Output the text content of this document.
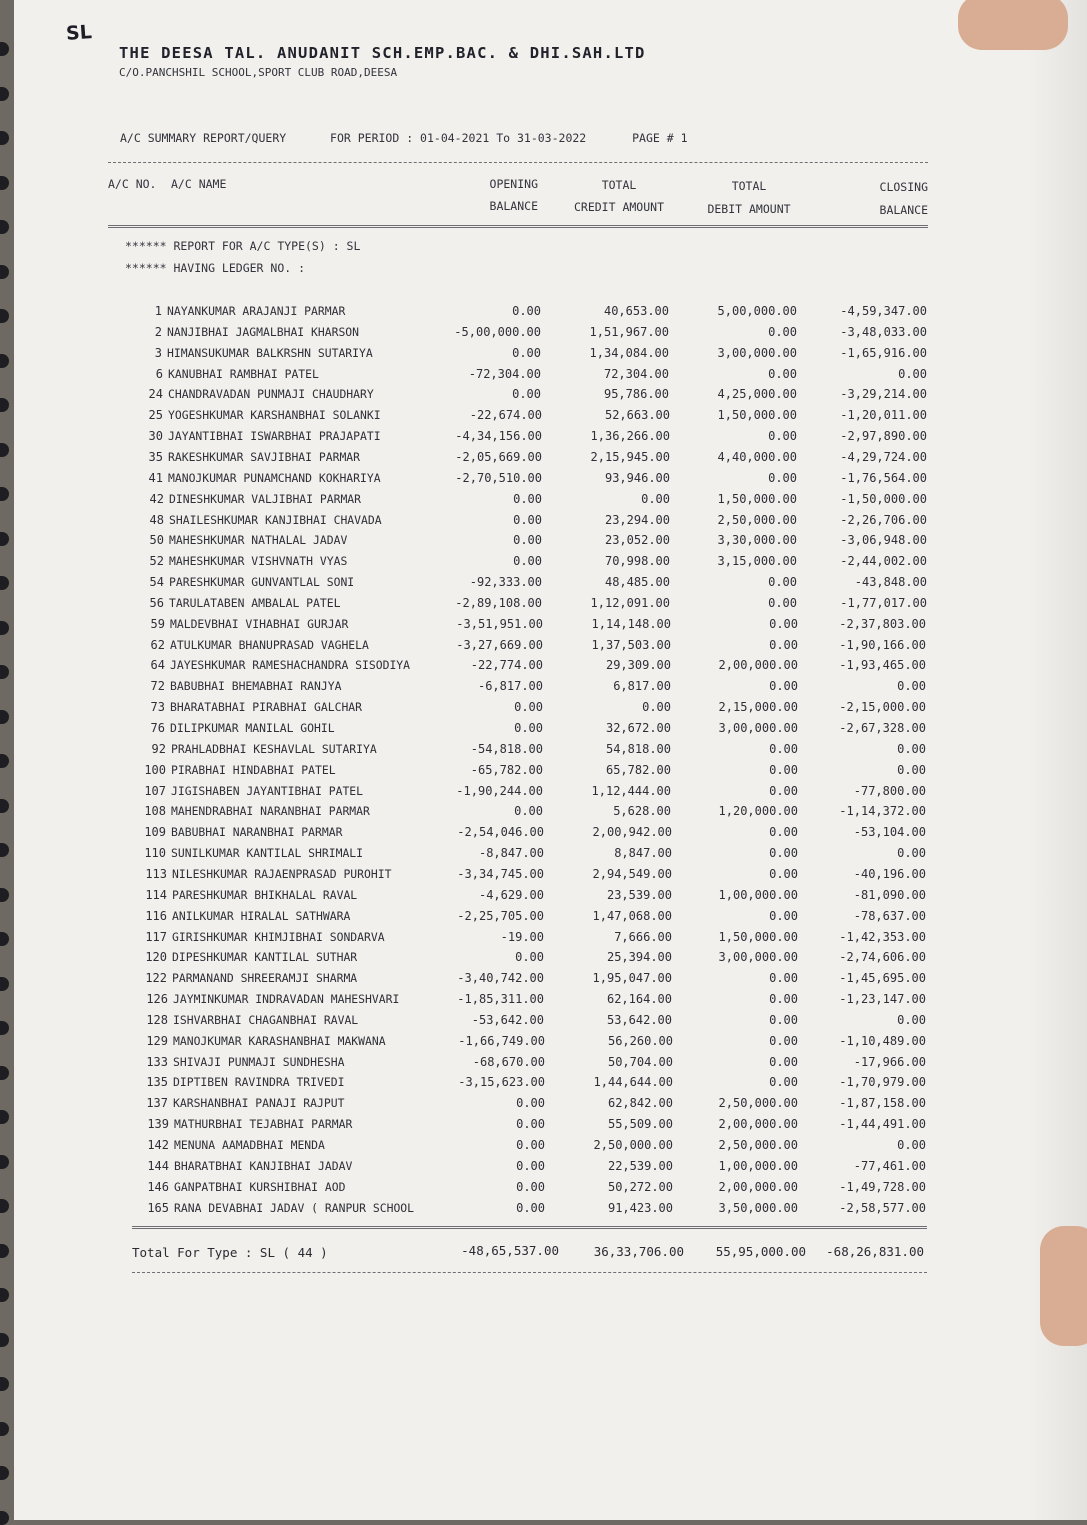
SL
THE DEESA TAL. ANUDANIT SCH.EMP.BAC. & DHI.SAH.LTD
C/O.PANCHSHIL SCHOOL,SPORT CLUB ROAD,DEESA
A/C SUMMARY REPORT/QUERY	FOR PERIOD : 01-04-2021 To 31-03-2022	PAGE # 1
A/C NO. A/C NAME	OPENING
BALANCE
TOTAL
CREDIT AMOUNT
TOTAL
DEBIT AMOUNT
CLOSING
BALANCE
****** REPORT FOR A/C TYPE(S) : SL
****** HAVING LEDGER NO. :
1 NAYANKUMAR ARAJANJI PARMAR	0.00	40,653.00	5,00,000.00	-4,59,347.00
2 NANJIBHAI JAGMALBHAI KHARSON	-5,00,000.00	1,51,967.00	0.00	-3,48,033.00
3 HIMANSUKUMAR BALKRSHN SUTARIYA	0.00	1,34,084.00	3,00,000.00	-1,65,916.00
6 KANUBHAI RAMBHAI PATEL	-72,304.00	72,304.00	0.00	0.00
24 CHANDRAVADAN PUNMAJI CHAUDHARY	0.00	95,786.00	4,25,000.00	-3,29,214.00
25 YOGESHKUMAR KARSHANBHAI SOLANKI	-22,674.00	52,663.00	1,50,000.00	-1,20,011.00
30 JAYANTIBHAI ISWARBHAI PRAJAPATI	-4,34,156.00	1,36,266.00	0.00	-2,97,890.00
35 RAKESHKUMAR SAVJIBHAI PARMAR	-2,05,669.00	2,15,945.00	4,40,000.00	-4,29,724.00
41 MANOJKUMAR PUNAMCHAND KOKHARIYA	-2,70,510.00	93,946.00	0.00	-1,76,564.00
42 DINESHKUMAR VALJIBHAI PARMAR	0.00	0.00	1,50,000.00	-1,50,000.00
48 SHAILESHKUMAR KANJIBHAI CHAVADA	0.00	23,294.00	2,50,000.00	-2,26,706.00
50 MAHESHKUMAR NATHALAL JADAV	0.00	23,052.00	3,30,000.00	-3,06,948.00
52 MAHESHKUMAR VISHVNATH VYAS	0.00	70,998.00	3,15,000.00	-2,44,002.00
54 PARESHKUMAR GUNVANTLAL SONI	-92,333.00	48,485.00	0.00	-43,848.00
56 TARULATABEN AMBALAL PATEL	-2,89,108.00	1,12,091.00	0.00	-1,77,017.00
59 MALDEVBHAI VIHABHAI GURJAR	-3,51,951.00	1,14,148.00	0.00	-2,37,803.00
62 ATULKUMAR BHANUPRASAD VAGHELA	-3,27,669.00	1,37,503.00	0.00	-1,90,166.00
64 JAYESHKUMAR RAMESHACHANDRA SISODIYA	-22,774.00	29,309.00	2,00,000.00	-1,93,465.00
72 BABUBHAI BHEMABHAI RANJYA	-6,817.00	6,817.00	0.00	0.00
73 BHARATABHAI PIRABHAI GALCHAR	0.00	0.00	2,15,000.00	-2,15,000.00
76 DILIPKUMAR MANILAL GOHIL	0.00	32,672.00	3,00,000.00	-2,67,328.00
92 PRAHLADBHAI KESHAVLAL SUTARIYA	-54,818.00	54,818.00	0.00	0.00
100 PIRABHAI HINDABHAI PATEL	-65,782.00	65,782.00	0.00	0.00
107 JIGISHABEN JAYANTIBHAI PATEL	-1,90,244.00	1,12,444.00	0.00	-77,800.00
108 MAHENDRABHAI NARANBHAI PARMAR	0.00	5,628.00	1,20,000.00	-1,14,372.00
109 BABUBHAI NARANBHAI PARMAR	-2,54,046.00	2,00,942.00	0.00	-53,104.00
110 SUNILKUMAR KANTILAL SHRIMALI	-8,847.00	8,847.00	0.00	0.00
113 NILESHKUMAR RAJAENPRASAD PUROHIT	-3,34,745.00	2,94,549.00	0.00	-40,196.00
114 PARESHKUMAR BHIKHALAL RAVAL	-4,629.00	23,539.00	1,00,000.00	-81,090.00
116 ANILKUMAR HIRALAL SATHWARA	-2,25,705.00	1,47,068.00	0.00	-78,637.00
117 GIRISHKUMAR KHIMJIBHAI SONDARVA	-19.00	7,666.00	1,50,000.00	-1,42,353.00
120 DIPESHKUMAR KANTILAL SUTHAR	0.00	25,394.00	3,00,000.00	-2,74,606.00
122 PARMANAND SHREERAMJI SHARMA	-3,40,742.00	1,95,047.00	0.00	-1,45,695.00
126 JAYMINKUMAR INDRAVADAN MAHESHVARI	-1,85,311.00	62,164.00	0.00	-1,23,147.00
128 ISHVARBHAI CHAGANBHAI RAVAL	-53,642.00	53,642.00	0.00	0.00
129 MANOJKUMAR KARASHANBHAI MAKWANA	-1,66,749.00	56,260.00	0.00	-1,10,489.00
133 SHIVAJI PUNMAJI SUNDHESHA	-68,670.00	50,704.00	0.00	-17,966.00
135 DIPTIBEN RAVINDRA TRIVEDI	-3,15,623.00	1,44,644.00	0.00	-1,70,979.00
137 KARSHANBHAI PANAJI RAJPUT	0.00	62,842.00	2,50,000.00	-1,87,158.00
139 MATHURBHAI TEJABHAI PARMAR	0.00	55,509.00	2,00,000.00	-1,44,491.00
142 MENUNA AAMADBHAI MENDA	0.00	2,50,000.00	2,50,000.00	0.00
144 BHARATBHAI KANJIBHAI JADAV	0.00	22,539.00	1,00,000.00	-77,461.00
146 GANPATBHAI KURSHIBHAI AOD	0.00	50,272.00	2,00,000.00	-1,49,728.00
165 RANA DEVABHAI JADAV ( RANPUR SCHOOL	0.00	91,423.00	3,50,000.00	-2,58,577.00
Total For Type : SL ( 44 )	-48,65,537.00	36,33,706.00	55,95,000.00	-68,26,831.00
